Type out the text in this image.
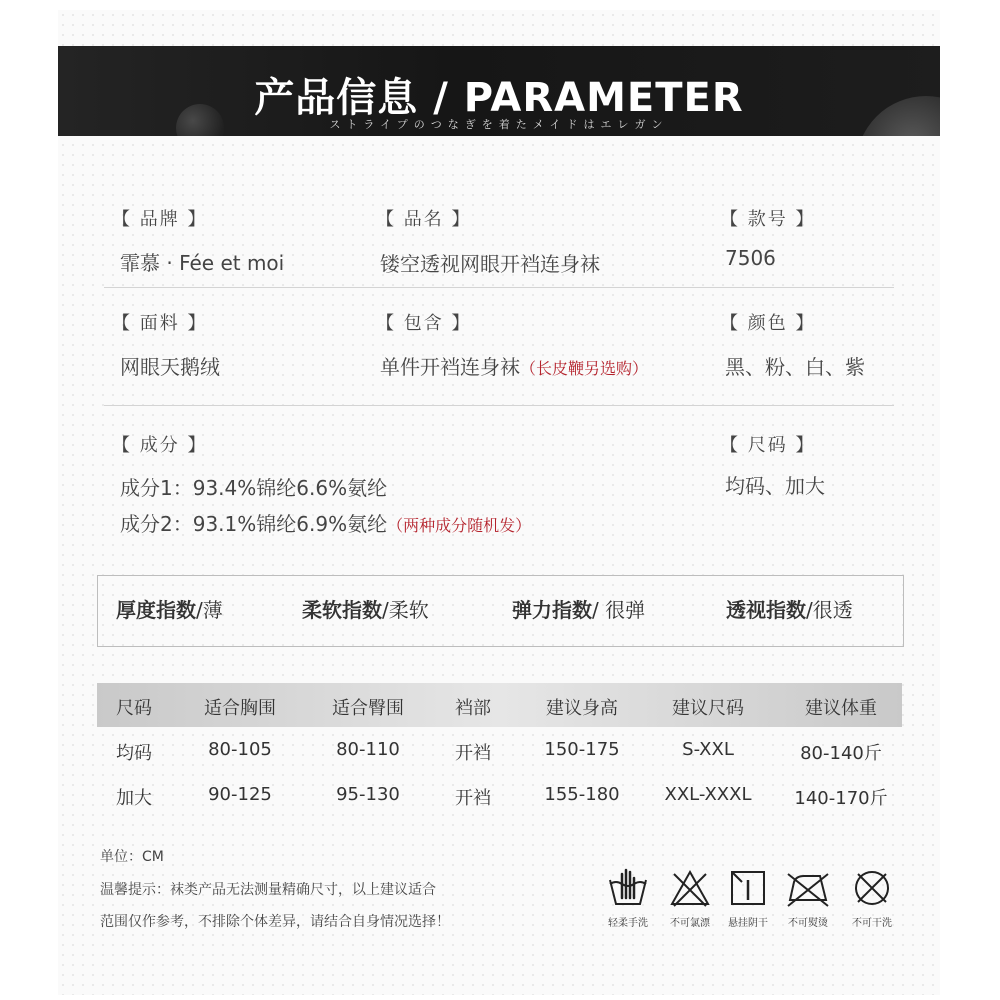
产品信息 / PARAMETER
ストライプのつなぎを着たメイドはエレガン
【 品牌 】
霏慕 · Fée et moi
【 品名 】
镂空透视网眼开裆连身袜
【 款号 】
7506
【 面料 】
网眼天鹅绒
【 包含 】
单件开裆连身袜（长皮鞭另选购）
【 颜色 】
黑、粉、白、紫
【 成分 】
成分1：93.4%锦纶6.6%氨纶
成分2：93.1%锦纶6.9%氨纶（两种成分随机发）
【 尺码 】
均码、加大
厚度指数/薄	柔软指数/柔软	弹力指数/ 很弹	透视指数/很透
尺码	适合胸围	适合臀围	裆部	建议身高	建议尺码	建议体重
均码	80-105	80-110	开裆	150-175	S-XXL	80-140斤
加大	90-125	95-130	开裆	155-180	XXL-XXXL	140-170斤
单位：CM
温馨提示：袜类产品无法测量精确尺寸，以上建议适合
范围仅作参考，不排除个体差异，请结合自身情况选择！	轻柔手洗	不可氯漂	悬挂阴干	不可熨烫	不可干洗
